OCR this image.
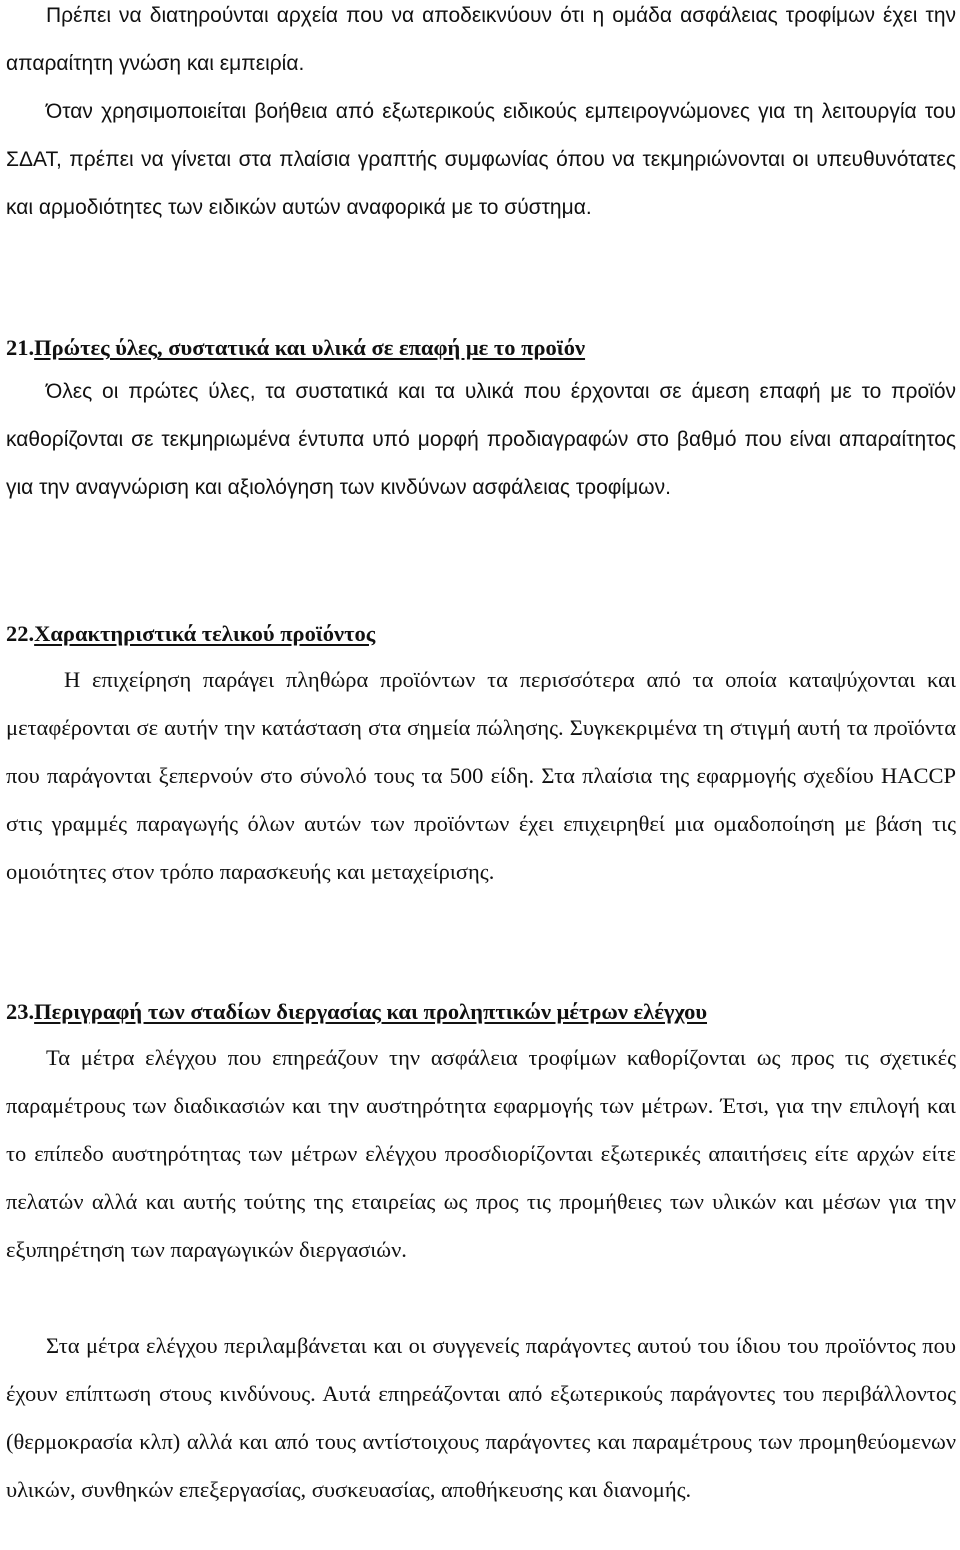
Πρέπει να διατηρούνται αρχεία που να αποδεικνύουν ότι η ομάδα ασφάλειας τροφίμων έχει την απαραίτητη γνώση και εμπειρία.

Όταν χρησιμοποιείται βοήθεια από εξωτερικούς ειδικούς εμπειρογνώμονες για τη λειτουργία του ΣΔΑΤ, πρέπει να γίνεται στα πλαίσια γραπτής συμφωνίας όπου να τεκμηριώνονται οι υπευθυνότατες και αρμοδιότητες των ειδικών αυτών αναφορικά με το σύστημα.

21.Πρώτες ύλες, συστατικά και υλικά σε επαφή με το προϊόν

Όλες οι πρώτες ύλες, τα συστατικά και τα υλικά που έρχονται σε άμεση επαφή με το προϊόν καθορίζονται σε τεκμηριωμένα έντυπα υπό μορφή προδιαγραφών στο βαθμό που είναι απαραίτητος για την αναγνώριση και αξιολόγηση των κινδύνων ασφάλειας τροφίμων.

22.Χαρακτηριστικά τελικού προϊόντος

Η επιχείρηση παράγει πληθώρα προϊόντων τα περισσότερα από τα οποία καταψύχονται και μεταφέρονται σε αυτήν την κατάσταση στα σημεία πώλησης. Συγκεκριμένα τη στιγμή αυτή τα προϊόντα που παράγονται ξεπερνούν στο σύνολό τους τα 500 είδη. Στα πλαίσια της εφαρμογής σχεδίου HACCP στις γραμμές παραγωγής όλων αυτών των προϊόντων έχει επιχειρηθεί μια ομαδοποίηση με βάση τις ομοιότητες στον τρόπο παρασκευής και μεταχείρισης.

23.Περιγραφή των σταδίων διεργασίας και προληπτικών μέτρων ελέγχου

Τα μέτρα ελέγχου που επηρεάζουν την ασφάλεια τροφίμων καθορίζονται ως προς τις σχετικές παραμέτρους των διαδικασιών και την αυστηρότητα εφαρμογής των μέτρων. Έτσι, για την επιλογή και το επίπεδο αυστηρότητας των μέτρων ελέγχου προσδιορίζονται εξωτερικές απαιτήσεις είτε αρχών είτε πελατών αλλά και αυτής τούτης της εταιρείας ως προς τις προμήθειες των υλικών και μέσων για την εξυπηρέτηση των παραγωγικών διεργασιών.

Στα μέτρα ελέγχου περιλαμβάνεται και οι συγγενείς παράγοντες αυτού του ίδιου του προϊόντος που έχουν επίπτωση στους κινδύνους. Αυτά επηρεάζονται από εξωτερικούς παράγοντες του περιβάλλοντος (θερμοκρασία κλπ) αλλά και από τους αντίστοιχους παράγοντες και παραμέτρους των προμηθεύομενων υλικών, συνθηκών επεξεργασίας, συσκευασίας, αποθήκευσης και διανομής.
